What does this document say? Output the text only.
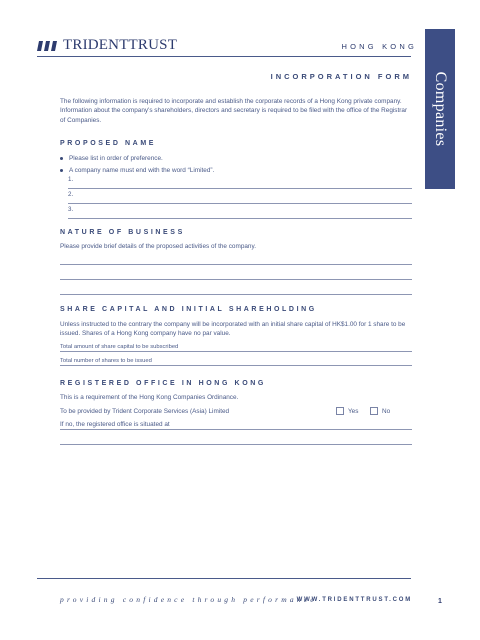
TRIDENTTRUST	HONG KONG
Companies
INCORPORATION FORM
The following information is required to incorporate and establish the corporate records of a Hong Kong private company. Information about the company's shareholders, directors and secretary is required to be filed with the office of the Registrar of Companies.
PROPOSED NAME
Please list in order of preference.
A company name must end with the word “Limited”.
1.
2.
3.
NATURE OF BUSINESS
Please provide brief details of the proposed activities of the company.
SHARE CAPITAL AND INITIAL SHAREHOLDING
Unless instructed to the contrary the company will be incorporated with an initial share capital of HK$1.00 for 1 share to be issued. Shares of a Hong Kong company have no par value.
Total amount of share capital to be subscribed
Total number of shares to be issued
REGISTERED OFFICE IN HONG KONG
This is a requirement of the Hong Kong Companies Ordinance.
To be provided by Trident Corporate Services (Asia) Limited	Yes	No
If no, the registered office is situated at
providing confidence through performance
WWW.TRIDENTTRUST.COM	1
